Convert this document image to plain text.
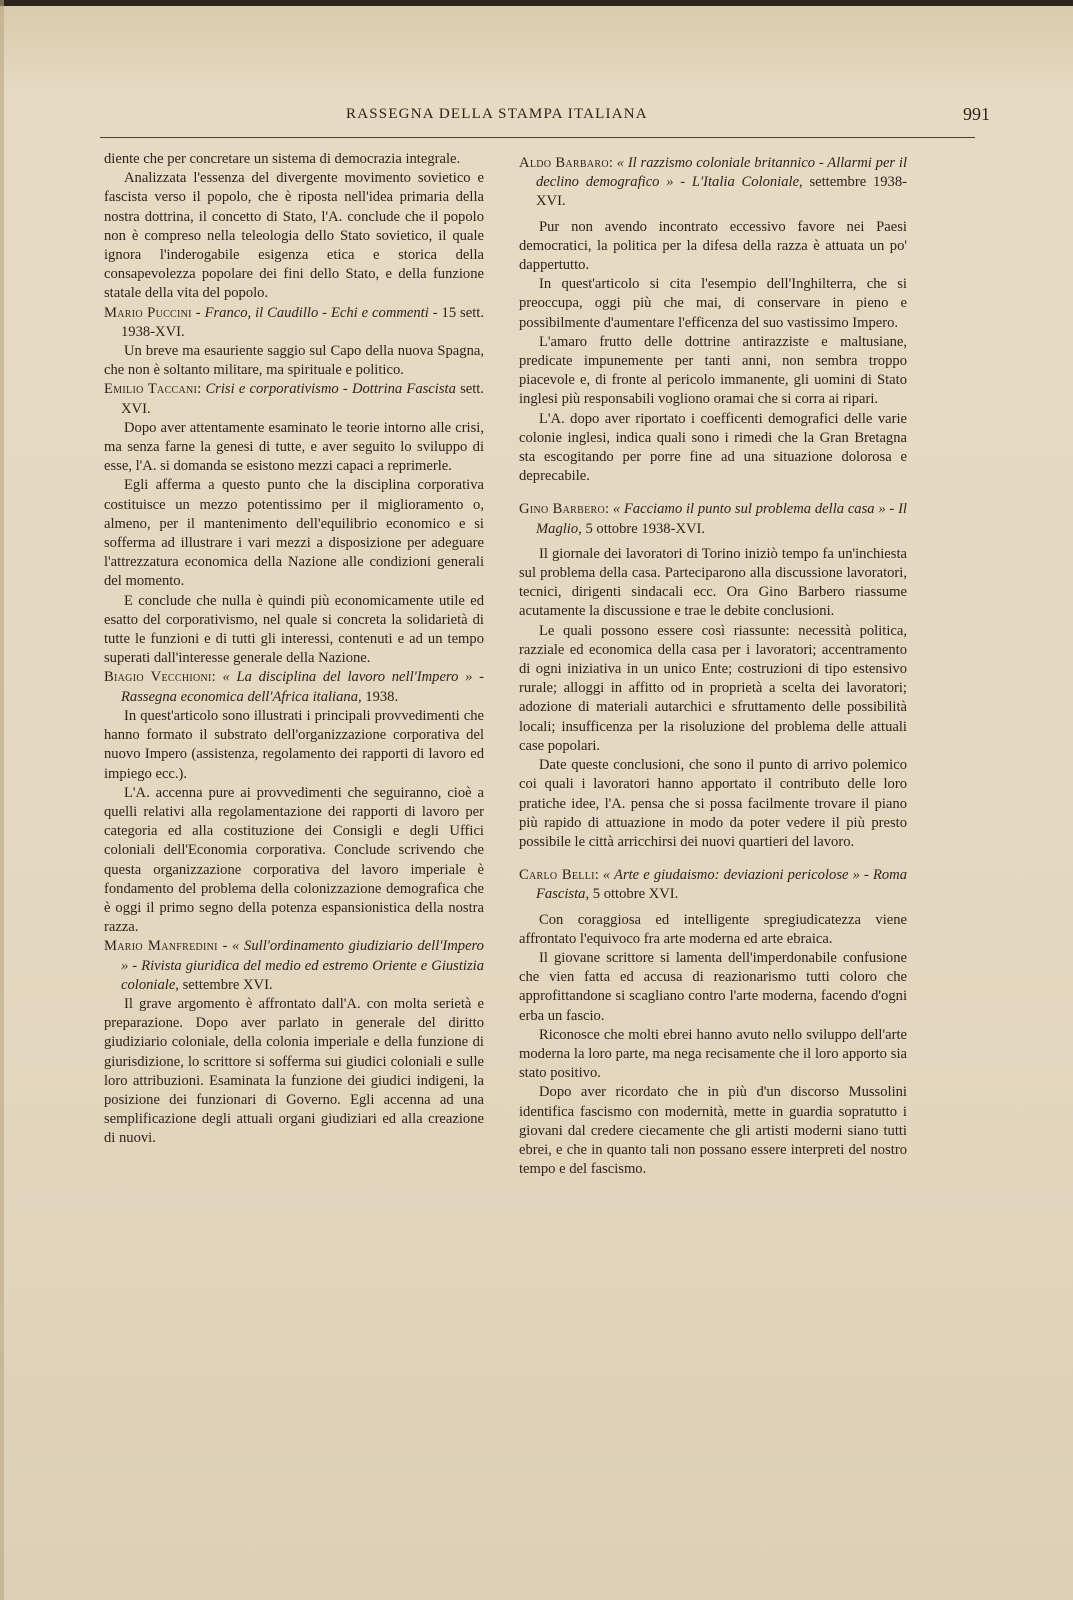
RASSEGNA DELLA STAMPA ITALIANA	991

diente che per concretare un sistema di democrazia integrale.

Analizzata l'essenza del divergente movimento sovietico e fascista verso il popolo, che è riposta nell'idea primaria della nostra dottrina, il concetto di Stato, l'A. conclude che il popolo non è compreso nella teleologia dello Stato sovietico, il quale ignora l'inderogabile esigenza etica e storica della consapevolezza popolare dei fini dello Stato, e della funzione statale della vita del popolo.

Mario Puccini - Franco, il Caudillo - Echi e commenti - 15 sett. 1938-XVI.

Un breve ma esauriente saggio sul Capo della nuova Spagna, che non è soltanto militare, ma spirituale e politico.

Emilio Taccani: Crisi e corporativismo - Dottrina Fascista sett. XVI.

Dopo aver attentamente esaminato le teorie intorno alle crisi, ma senza farne la genesi di tutte, e aver seguito lo sviluppo di esse, l'A. si domanda se esistono mezzi capaci a reprimerle.

Egli afferma a questo punto che la disciplina corporativa costituisce un mezzo potentissimo per il miglioramento o, almeno, per il mantenimento dell'equilibrio economico e si sofferma ad illustrare i vari mezzi a disposizione per adeguare l'attrezzatura economica della Nazione alle condizioni generali del momento.

E conclude che nulla è quindi più economicamente utile ed esatto del corporativismo, nel quale si concreta la solidarietà di tutte le funzioni e di tutti gli interessi, contenuti e ad un tempo superati dall'interesse generale della Nazione.

Biagio Vecchioni: « La disciplina del lavoro nell'Impero » - Rassegna economica dell'Africa italiana, 1938.

In quest'articolo sono illustrati i principali provvedimenti che hanno formato il substrato dell'organizzazione corporativa del nuovo Impero (assistenza, regolamento dei rapporti di lavoro ed impiego ecc.).

L'A. accenna pure ai provvedimenti che seguiranno, cioè a quelli relativi alla regolamentazione dei rapporti di lavoro per categoria ed alla costituzione dei Consigli e degli Uffici coloniali dell'Economia corporativa. Conclude scrivendo che questa organizzazione corporativa del lavoro imperiale è fondamento del problema della colonizzazione demografica che è oggi il primo segno della potenza espansionistica della nostra razza.

Mario Manfredini - « Sull'ordinamento giudiziario dell'Impero » - Rivista giuridica del medio ed estremo Oriente e Giustizia coloniale, settembre XVI.

Il grave argomento è affrontato dall'A. con molta serietà e preparazione. Dopo aver parlato in generale del diritto giudiziario coloniale, della colonia imperiale e della funzione di giurisdizione, lo scrittore si sofferma sui giudici coloniali e sulle loro attribuzioni. Esaminata la funzione dei giudici indigeni, la posizione dei funzionari di Governo. Egli accenna ad una semplificazione degli attuali organi giudiziari ed alla creazione di nuovi.

Aldo Barbaro: « Il razzismo coloniale britannico - Allarmi per il declino demografico » - L'Italia Coloniale, settembre 1938-XVI.

Pur non avendo incontrato eccessivo favore nei Paesi democratici, la politica per la difesa della razza è attuata un po' dappertutto.

In quest'articolo si cita l'esempio dell'Inghilterra, che si preoccupa, oggi più che mai, di conservare in pieno e possibilmente d'aumentare l'efficenza del suo vastissimo Impero.

L'amaro frutto delle dottrine antirazziste e maltusiane, predicate impunemente per tanti anni, non sembra troppo piacevole e, di fronte al pericolo immanente, gli uomini di Stato inglesi più responsabili vogliono oramai che si corra ai ripari.

L'A. dopo aver riportato i coefficenti demografici delle varie colonie inglesi, indica quali sono i rimedi che la Gran Bretagna sta escogitando per porre fine ad una situazione dolorosa e deprecabile.

Gino Barbero: « Facciamo il punto sul problema della casa » - Il Maglio, 5 ottobre 1938-XVI.

Il giornale dei lavoratori di Torino iniziò tempo fa un'inchiesta sul problema della casa. Parteciparono alla discussione lavoratori, tecnici, dirigenti sindacali ecc. Ora Gino Barbero riassume acutamente la discussione e trae le debite conclusioni.

Le quali possono essere così riassunte: necessità politica, razziale ed economica della casa per i lavoratori; accentramento di ogni iniziativa in un unico Ente; costruzioni di tipo estensivo rurale; alloggi in affitto od in proprietà a scelta dei lavoratori; adozione di materiali autarchici e sfruttamento delle possibilità locali; insufficenza per la risoluzione del problema delle attuali case popolari.

Date queste conclusioni, che sono il punto di arrivo polemico coi quali i lavoratori hanno apportato il contributo delle loro pratiche idee, l'A. pensa che si possa facilmente trovare il piano più rapido di attuazione in modo da poter vedere il più presto possibile le città arricchirsi dei nuovi quartieri del lavoro.

Carlo Belli: « Arte e giudaismo: deviazioni pericolose » - Roma Fascista, 5 ottobre XVI.

Con coraggiosa ed intelligente spregiudicatezza viene affrontato l'equivoco fra arte moderna ed arte ebraica.

Il giovane scrittore si lamenta dell'imperdonabile confusione che vien fatta ed accusa di reazionarismo tutti coloro che approfittandone si scagliano contro l'arte moderna, facendo d'ogni erba un fascio.

Riconosce che molti ebrei hanno avuto nello sviluppo dell'arte moderna la loro parte, ma nega recisamente che il loro apporto sia stato positivo.

Dopo aver ricordato che in più d'un discorso Mussolini identifica fascismo con modernità, mette in guardia sopratutto i giovani dal credere ciecamente che gli artisti moderni siano tutti ebrei, e che in quanto tali non possano essere interpreti del nostro tempo e del fascismo.
